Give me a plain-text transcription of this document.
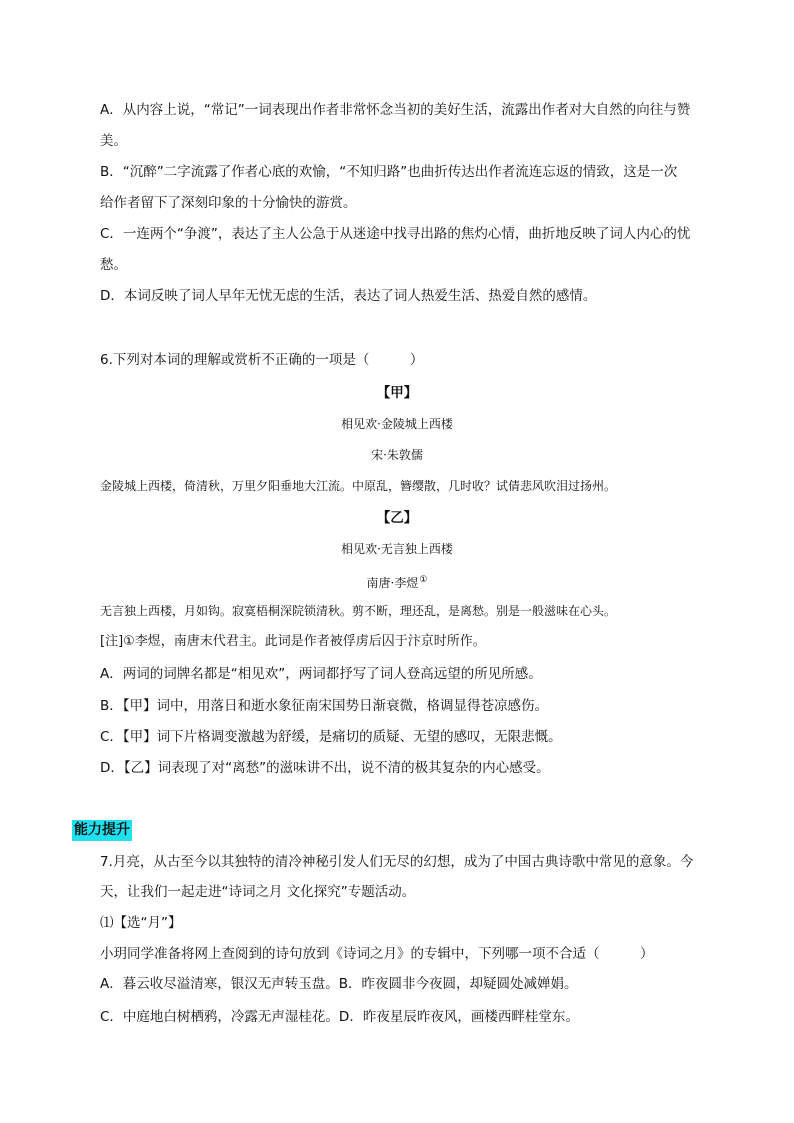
A．从内容上说，“常记”一词表现出作者非常怀念当初的美好生活，流露出作者对大自然的向往与赞
美。
B．“沉醉”二字流露了作者心底的欢愉，“不知归路”也曲折传达出作者流连忘返的情致，这是一次
给作者留下了深刻印象的十分愉快的游赏。
C．一连两个“争渡”，表达了主人公急于从迷途中找寻出路的焦灼心情，曲折地反映了词人内心的忧
愁。
D．本词反映了词人早年无忧无虑的生活，表达了词人热爱生活、热爱自然的感情。
6.下列对本词的理解或赏析不正确的一项是（　　　）
【甲】
相见欢·金陵城上西楼
宋·朱敦儒
金陵城上西楼，倚清秋，万里夕阳垂地大江流。中原乱，簪缨散，几时收？试倩悲风吹泪过扬州。
【乙】
相见欢·无言独上西楼
南唐·李煜①
无言独上西楼，月如钩。寂寞梧桐深院锁清秋。剪不断，理还乱，是离愁。别是一般滋味在心头。
[注]①李煜，南唐末代君主。此词是作者被俘虏后囚于汴京时所作。
A．两词的词牌名都是“相见欢”，两词都抒写了词人登高远望的所见所感。
B．【甲】词中，用落日和逝水象征南宋国势日渐衰微，格调显得苍凉感伤。
C．【甲】词下片格调变激越为舒缓，是痛切的质疑、无望的感叹，无限悲慨。
D．【乙】词表现了对“离愁”的滋味讲不出，说不清的极其复杂的内心感受。
能力提升
7.月亮，从古至今以其独特的清冷神秘引发人们无尽的幻想，成为了中国古典诗歌中常见的意象。今
天，让我们一起走进“诗词之月 文化探究”专题活动。
⑴【选“月”】
小玥同学准备将网上查阅到的诗句放到《诗词之月》的专辑中，下列哪一项不合适（　　　）
A．暮云收尽溢清寒，银汉无声转玉盘。B．昨夜圆非今夜圆，却疑圆处减婵娟。
C．中庭地白树栖鸦，冷露无声湿桂花。D．昨夜星辰昨夜风，画楼西畔桂堂东。
